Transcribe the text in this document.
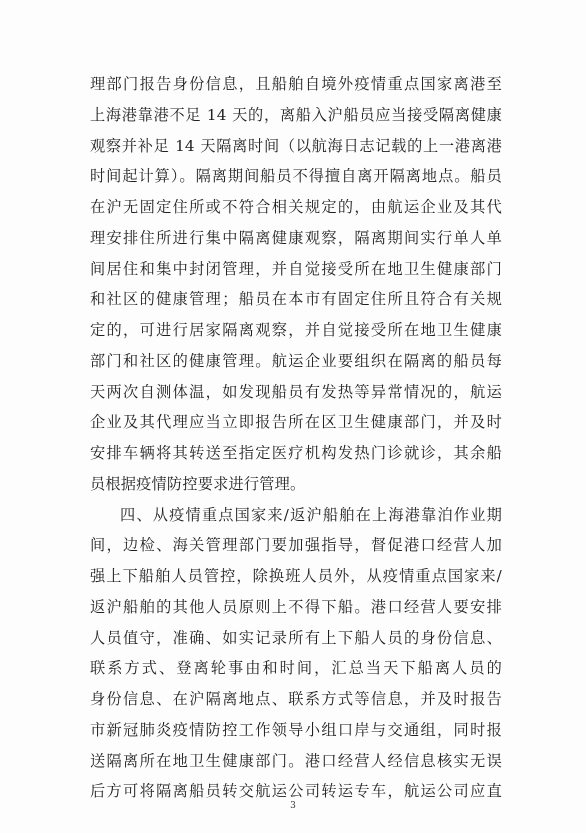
理部门报告身份信息，且船舶自境外疫情重点国家离港至
上海港靠港不足 14 天的，离船入沪船员应当接受隔离健康
观察并补足 14 天隔离时间（以航海日志记载的上一港离港
时间起计算）。隔离期间船员不得擅自离开隔离地点。船员
在沪无固定住所或不符合相关规定的，由航运企业及其代
理安排住所进行集中隔离健康观察，隔离期间实行单人单
间居住和集中封闭管理，并自觉接受所在地卫生健康部门
和社区的健康管理；船员在本市有固定住所且符合有关规
定的，可进行居家隔离观察，并自觉接受所在地卫生健康
部门和社区的健康管理。航运企业要组织在隔离的船员每
天两次自测体温，如发现船员有发热等异常情况的，航运
企业及其代理应当立即报告所在区卫生健康部门，并及时
安排车辆将其转送至指定医疗机构发热门诊就诊，其余船
员根据疫情防控要求进行管理。
四、从疫情重点国家来/返沪船舶在上海港靠泊作业期
间，边检、海关管理部门要加强指导，督促港口经营人加
强上下船舶人员管控，除换班人员外，从疫情重点国家来/
返沪船舶的其他人员原则上不得下船。港口经营人要安排
人员值守，准确、如实记录所有上下船人员的身份信息、
联系方式、登离轮事由和时间，汇总当天下船离人员的
身份信息、在沪隔离地点、联系方式等信息，并及时报告
市新冠肺炎疫情防控工作领导小组口岸与交通组，同时报
送隔离所在地卫生健康部门。港口经营人经信息核实无误
后方可将隔离船员转交航运公司转运专车，航运公司应直
3
